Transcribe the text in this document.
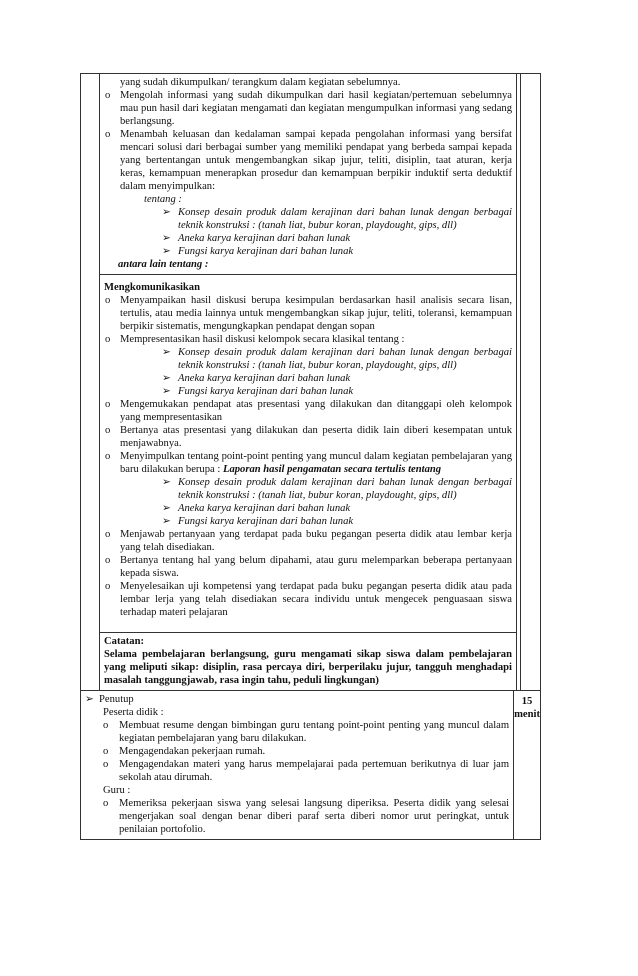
yang sudah dikumpulkan/ terangkum dalam kegiatan sebelumnya.
o Mengolah informasi yang sudah dikumpulkan dari hasil kegiatan/pertemuan sebelumnya mau pun hasil dari kegiatan mengamati dan kegiatan mengumpulkan informasi yang sedang berlangsung.
o Menambah keluasan dan kedalaman sampai kepada pengolahan informasi yang bersifat mencari solusi dari berbagai sumber yang memiliki pendapat yang berbeda sampai kepada yang bertentangan untuk mengembangkan sikap jujur, teliti, disiplin, taat aturan, kerja keras, kemampuan menerapkan prosedur dan kemampuan berpikir induktif serta deduktif dalam menyimpulkan:
tentang :
➢ Konsep desain produk dalam kerajinan dari bahan lunak dengan berbagai teknik konstruksi : (tanah liat, bubur koran, playdought, gips, dll)
➢ Aneka karya kerajinan dari bahan lunak
➢ Fungsi karya kerajinan dari bahan lunak
antara lain tentang :
Mengkomunikasikan
o Menyampaikan hasil diskusi berupa kesimpulan berdasarkan hasil analisis secara lisan, tertulis, atau media lainnya untuk mengembangkan sikap jujur, teliti, toleransi, kemampuan berpikir sistematis, mengungkapkan pendapat dengan sopan
o Mempresentasikan hasil diskusi kelompok secara klasikal tentang :
➢ Konsep desain produk dalam kerajinan dari bahan lunak dengan berbagai teknik konstruksi : (tanah liat, bubur koran, playdought, gips, dll)
➢ Aneka karya kerajinan dari bahan lunak
➢ Fungsi karya kerajinan dari bahan lunak
o Mengemukakan pendapat atas presentasi yang dilakukan dan ditanggapi oleh kelompok yang mempresentasikan
o Bertanya atas presentasi yang dilakukan dan peserta didik lain diberi kesempatan untuk menjawabnya.
o Menyimpulkan tentang point-point penting yang muncul dalam kegiatan pembelajaran yang baru dilakukan berupa : Laporan hasil pengamatan secara tertulis tentang
➢ Konsep desain produk dalam kerajinan dari bahan lunak dengan berbagai teknik konstruksi : (tanah liat, bubur koran, playdought, gips, dll)
➢ Aneka karya kerajinan dari bahan lunak
➢ Fungsi karya kerajinan dari bahan lunak
o Menjawab pertanyaan yang terdapat pada buku pegangan peserta didik atau lembar kerja yang telah disediakan.
o Bertanya tentang hal yang belum dipahami, atau guru melemparkan beberapa pertanyaan kepada siswa.
o Menyelesaikan uji kompetensi yang terdapat pada buku pegangan peserta didik atau pada lembar lerja yang telah disediakan secara individu untuk mengecek penguasaan siswa terhadap materi pelajaran
Catatan:
Selama pembelajaran berlangsung, guru mengamati sikap siswa dalam pembelajaran yang meliputi sikap: disiplin, rasa percaya diri, berperilaku jujur, tangguh menghadapi masalah tanggungjawab, rasa ingin tahu, peduli lingkungan)
➢ Penutup
Peserta didik :
o Membuat resume dengan bimbingan guru tentang point-point penting yang muncul dalam kegiatan pembelajaran yang baru dilakukan.
o Mengagendakan pekerjaan rumah.
o Mengagendakan materi yang harus mempelajarai pada pertemuan berikutnya di luar jam sekolah atau dirumah.
Guru :
o Memeriksa pekerjaan siswa yang selesai langsung diperiksa. Peserta didik yang selesai mengerjakan soal dengan benar diberi paraf serta diberi nomor urut peringkat, untuk penilaian portofolio.
15
menit
